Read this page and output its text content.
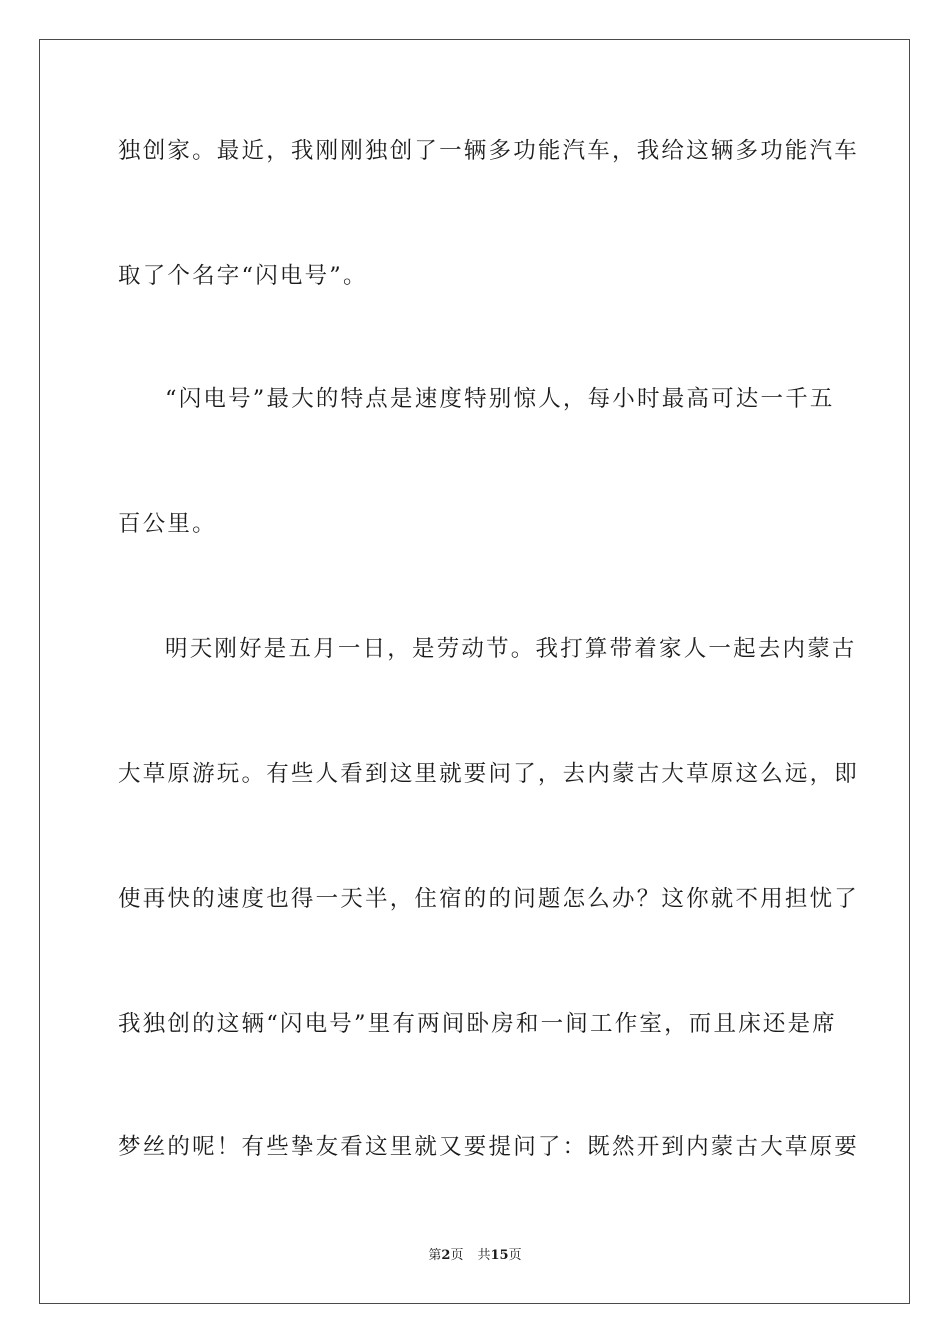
独创家。最近，我刚刚独创了一辆多功能汽车，我给这辆多功能汽车
取了个名字“闪电号”。
“闪电号”最大的特点是速度特别惊人，每小时最高可达一千五
百公里。
明天刚好是五月一日，是劳动节。我打算带着家人一起去内蒙古
大草原游玩。有些人看到这里就要问了，去内蒙古大草原这么远，即
使再快的速度也得一天半，住宿的的问题怎么办？这你就不用担忧了
我独创的这辆“闪电号”里有两间卧房和一间工作室，而且床还是席
梦丝的呢！有些挚友看这里就又要提问了：既然开到内蒙古大草原要
第2页 共15页
